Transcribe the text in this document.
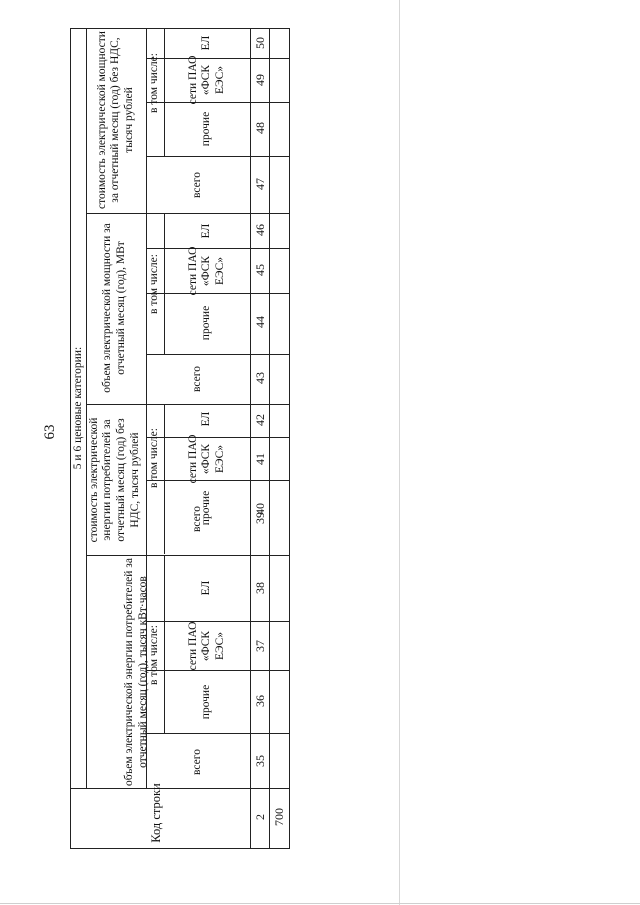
63	5 и 6 ценовые категории:
Код строки
объем электрической энергии потребителей за отчетный месяц (год), тысяч кВт·часов
стоимость электрической энергии потребителей за отчетный месяц (год) без НДС, тысяч рублей
объем электрической мощности за отчетный месяц (год), МВт
стоимость электрической мощности за отчетный месяц (год) без НДС, тысяч рублей
в том числе:
в том числе:
в том числе:
в том числе:
всего
всего
всего
всего
прочие
прочие
прочие
прочие
сети ПАО «ФСК ЕЭС»
сети ПАО «ФСК ЕЭС»
сети ПАО «ФСК ЕЭС»
сети ПАО «ФСК ЕЭС»
ЕЛ
ЕЛ
ЕЛ
ЕЛ
2 700
35
36
37
38
39
40
41
42
43
44
45
46
47
48
49
50
